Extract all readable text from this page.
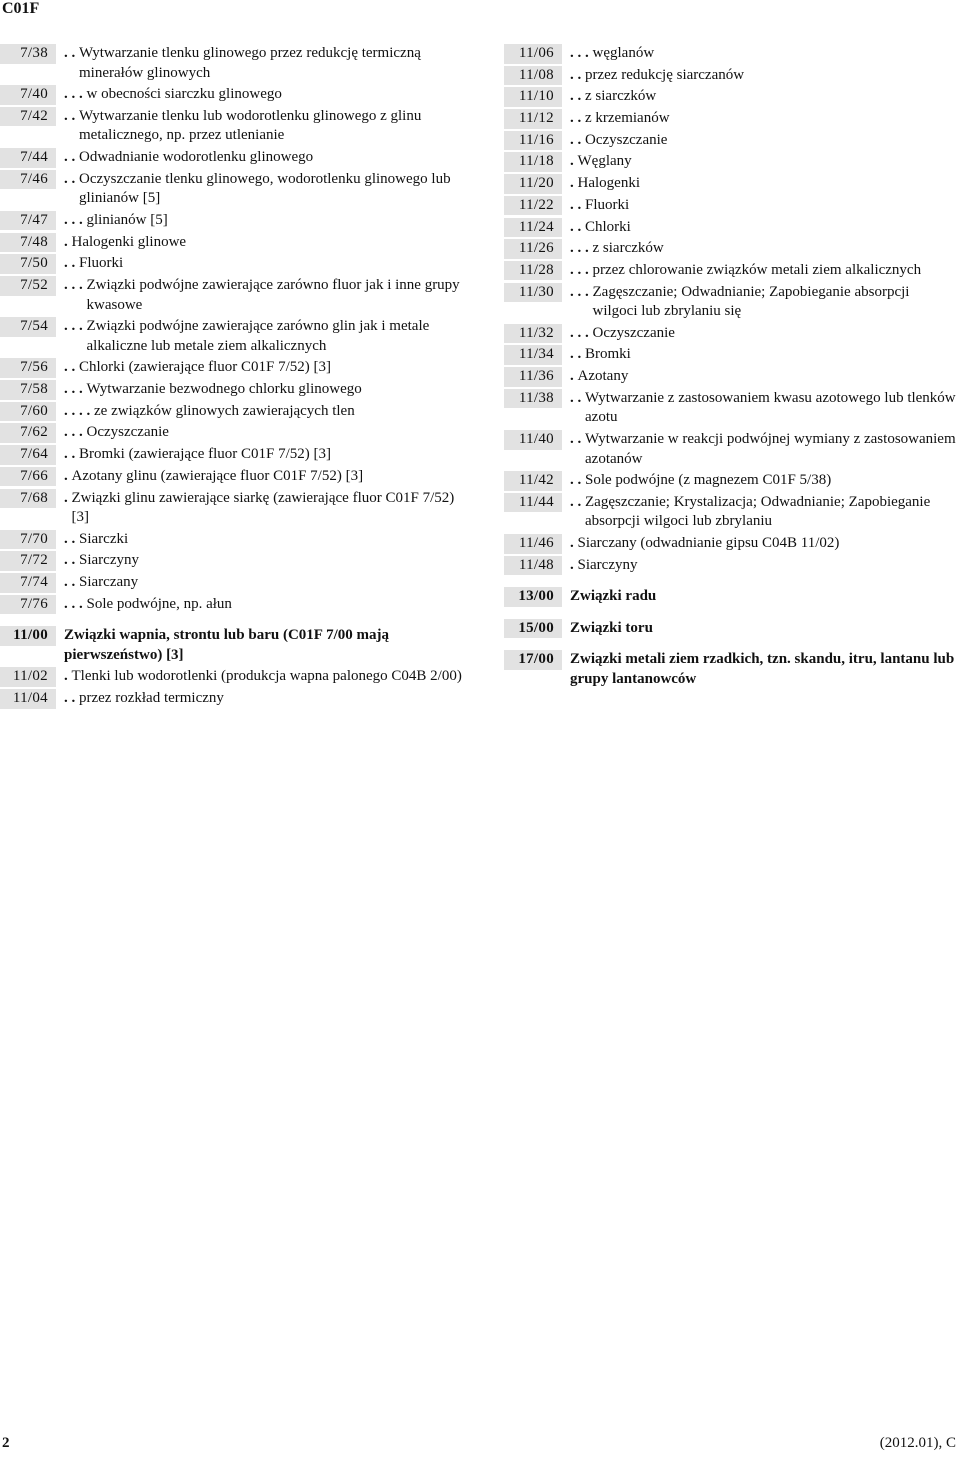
C01F
7/38	. . Wytwarzanie tlenku glinowego przez redukcję termiczną minerałów glinowych
7/40	. . . w obecności siarczku glinowego
7/42	. . Wytwarzanie tlenku lub wodorotlenku glinowego z glinu metalicznego, np. przez utlenianie
7/44	. . Odwadnianie wodorotlenku glinowego
7/46	. . Oczyszczanie tlenku glinowego, wodorotlenku glinowego lub glinianów [5]
7/47	. . . glinianów [5]
7/48	. Halogenki glinowe
7/50	. . Fluorki
7/52	. . . Związki podwójne zawierające zarówno fluor jak i inne grupy kwasowe
7/54	. . . Związki podwójne zawierające zarówno glin jak i metale alkaliczne lub metale ziem alkalicznych
7/56	. . Chlorki (zawierające fluor C01F 7/52) [3]
7/58	. . . Wytwarzanie bezwodnego chlorku glinowego
7/60	. . . . ze związków glinowych zawierających tlen
7/62	. . . Oczyszczanie
7/64	. . Bromki (zawierające fluor C01F 7/52) [3]
7/66	. Azotany glinu (zawierające fluor C01F 7/52) [3]
7/68	. Związki glinu zawierające siarkę (zawierające fluor C01F 7/52) [3]
7/70	. . Siarczki
7/72	. . Siarczyny
7/74	. . Siarczany
7/76	. . . Sole podwójne, np. ałun
11/00	Związki wapnia, strontu lub baru (C01F 7/00 mają pierwszeństwo) [3]
11/02	. Tlenki lub wodorotlenki (produkcja wapna palonego C04B 2/00)
11/04	. . przez rozkład termiczny
11/06	. . . węglanów
11/08	. . przez redukcję siarczanów
11/10	. . z siarczków
11/12	. . z krzemianów
11/16	. . Oczyszczanie
11/18	. Węglany
11/20	. Halogenki
11/22	. . Fluorki
11/24	. . Chlorki
11/26	. . . z siarczków
11/28	. . . przez chlorowanie związków metali ziem alkalicznych
11/30	. . . Zagęszczanie; Odwadnianie; Zapobieganie absorpcji wilgoci lub zbrylaniu się
11/32	. . . Oczyszczanie
11/34	. . Bromki
11/36	. Azotany
11/38	. . Wytwarzanie z zastosowaniem kwasu azotowego lub tlenków azotu
11/40	. . Wytwarzanie w reakcji podwójnej wymiany z zastosowaniem azotanów
11/42	. . Sole podwójne (z magnezem C01F 5/38)
11/44	. . Zagęszczanie; Krystalizacja; Odwadnianie; Zapobieganie absorpcji wilgoci lub zbrylaniu
11/46	. Siarczany (odwadnianie gipsu C04B 11/02)
11/48	. Siarczyny
13/00	Związki radu
15/00	Związki toru
17/00	Związki metali ziem rzadkich, tzn. skandu, itru, lantanu lub grupy lantanowców
2	(2012.01), C
